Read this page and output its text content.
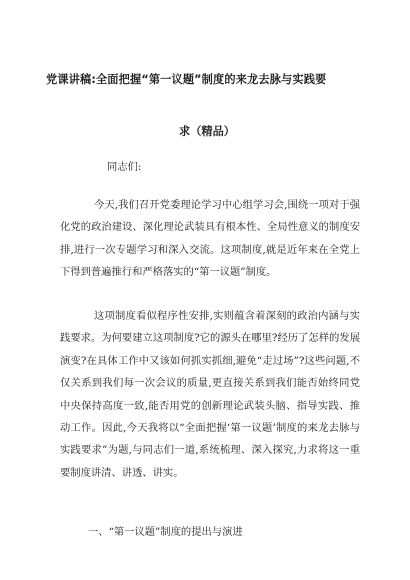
党课讲稿:全面把握“第一议题”制度的来龙去脉与实践要
求（精品）
同志们:
今天,我们召开党委理论学习中心组学习会,围绕一项对于强化党的政治建设、深化理论武装具有根本性、全局性意义的制度安排,进行一次专题学习和深入交流。这项制度,就是近年来在全党上下得到普遍推行和严格落实的“第一议题”制度。
这项制度看似程序性安排,实则蕴含着深刻的政治内涵与实践要求。为何要建立这项制度?它的源头在哪里?经历了怎样的发展演变?在具体工作中又该如何抓实抓细,避免“走过场”?这些问题,不仅关系到我们每一次会议的质量,更直接关系到我们能否始终同党中央保持高度一致,能否用党的创新理论武装头脑、指导实践、推动工作。因此,今天我将以“全面把握‘第一议题’制度的来龙去脉与实践要求”为题,与同志们一道,系统梳理、深入探究,力求将这一重要制度讲清、讲透、讲实。
一、“第一议题”制度的提出与演进
